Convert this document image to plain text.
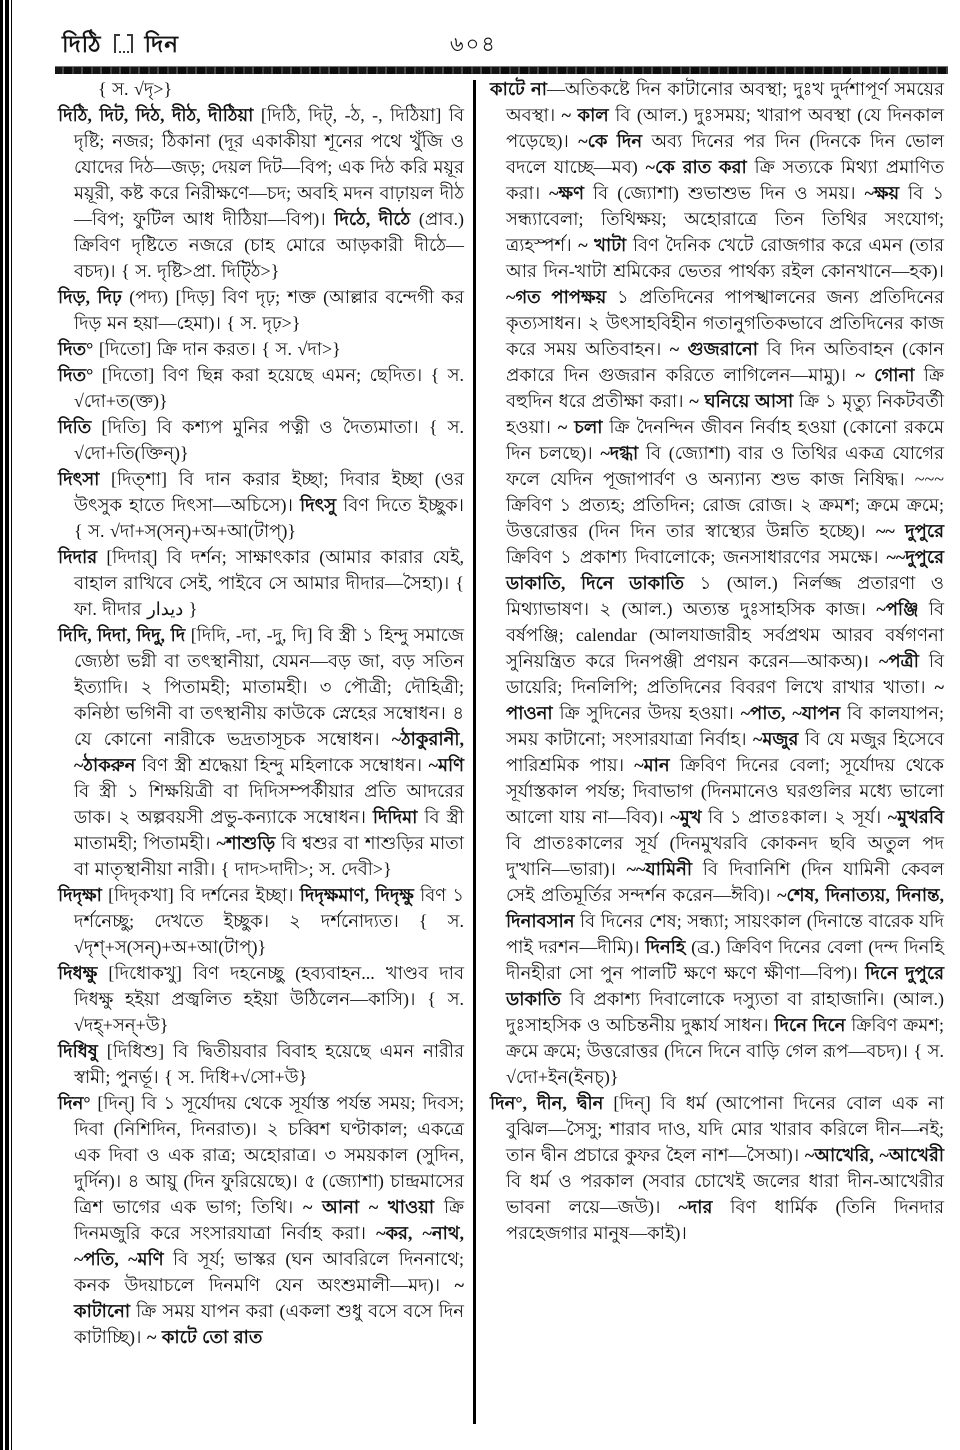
দিঠি দিন	৬০৪

{ স. √দৃ>}

দিঠি, দিট, দিঠ, দীঠ, দীঠিয়া [দিঠি, দিট্, -ঠ, -, দিঠিয়া] বি দৃষ্টি; নজর; ঠিকানা (দূর একাকীয়া শূনের পথে খুঁজি ও যোদের দিঠ—জড়; দেয়ল দিট—বিপ; এক দিঠ করি ময়ূর ময়ূরী, কষ্ট করে নিরীক্ষণে—চদ; অবহি মদন বাঢ়ায়ল দীঠ—বিপ; ফুটিল আধ দীঠিয়া—বিপ)। দিঠে, দীঠে (প্রাব.) ক্রিবিণ দৃষ্টিতে নজরে (চাহ মোরে আড়কারী দীঠে—বচদ)। { স. দৃষ্টি>প্রা. দিট্ঠি>}

দিড়, দিঢ় (পদ্য) [দিড়] বিণ দৃঢ়; শক্ত (আল্লার বন্দেগী কর দিড় মন হয়া—হেমা)। { স. দৃঢ়>}

দিত° [দিতো] ক্রি দান করত। { স. √দা>}

দিত° [দিতো] বিণ ছিন্ন করা হয়েছে এমন; ছেদিত। { স. √দো+ত(ক্ত)}

দিতি [দিতি] বি কশ্যপ মুনির পত্নী ও দৈত্যমাতা। { স. √দো+তি(ক্তিন্)}

দিৎসা [দিত্‌শা] বি দান করার ইচ্ছা; দিবার ইচ্ছা (ওর উৎসুক হাতে দিৎসা—অচিসে)। দিৎসু বিণ দিতে ইচ্ছুক। { স. √দা+স(সন্)+অ+আ(টাপ্)}

দিদার [দিদার্] বি দর্শন; সাক্ষাৎকার (আমার কারার যেই, বাহাল রাখিবে সেই, পাইবে সে আমার দীদার—সৈহা)। { ফা. দীদার ديدار }

দিদি, দিদা, দিদু, দি [দিদি, -দা, -দু, দি] বি স্ত্রী ১ হিন্দু সমাজে জ্যেষ্ঠা ভগ্নী বা তৎস্থানীয়া, যেমন—বড় জা, বড় সতিন ইত্যাদি। ২ পিতামহী; মাতামহী। ৩ পৌত্রী; দৌহিত্রী; কনিষ্ঠা ভগিনী বা তৎস্থানীয় কাউকে স্নেহের সম্বোধন। ৪ যে কোনো নারীকে ভদ্রতাসূচক সম্বোধন। ~ঠাকুরানী, ~ঠাকরুন বিণ স্ত্রী শ্রদ্ধেয়া হিন্দু মহিলাকে সম্বোধন। ~মণি বি স্ত্রী ১ শিক্ষয়িত্রী বা দিদিসম্পর্কীয়ার প্রতি আদরের ডাক। ২ অল্পবয়সী প্রভু-কন্যাকে সম্বোধন। দিদিমা বি স্ত্রী মাতামহী; পিতামহী। ~শাশুড়ি বি শ্বশুর বা শাশুড়ির মাতা বা মাতৃস্থানীয়া নারী। { দাদ>দাদী>; স. দেবী>}

দিদৃক্ষা [দিদৃকখা] বি দর্শনের ইচ্ছা। দিদৃক্ষমাণ, দিদৃক্ষু বিণ ১ দর্শনেচ্ছু; দেখতে ইচ্ছুক। ২ দর্শনোদ্যত। { স. √দৃশ্+স(সন্)+অ+আ(টাপ্)}

দিধক্ষু [দিধোকখু] বিণ দহনেচ্ছু (হব্যবাহন... খাণ্ডব দাব দিধক্ষু হইয়া প্রজ্বলিত হইয়া উঠিলেন—কাসি)। { স. √দহ্+সন্+উ}

দিধিষু [দিধিশু] বি দ্বিতীয়বার বিবাহ হয়েছে এমন নারীর স্বামী; পুনর্ভূ। { স. দিধি+√সো+উ}

দিন° [দিন্] বি ১ সূর্যোদয় থেকে সূর্যাস্ত পর্যন্ত সময়; দিবস; দিবা (নিশিদিন, দিনরাত)। ২ চব্বিশ ঘণ্টাকাল; একত্রে এক দিবা ও এক রাত্র; অহোরাত্র। ৩ সময়কাল (সুদিন, দুর্দিন)। ৪ আয়ু (দিন ফুরিয়েছে)। ৫ (জ্যোশা) চান্দ্রমাসের ত্রিশ ভাগের এক ভাগ; তিথি। ~ আনা ~ খাওয়া ক্রি দিনমজুরি করে সংসারযাত্রা নির্বাহ করা। ~কর, ~নাথ, ~পতি, ~মণি বি সূর্য; ভাস্কর (ঘন আবরিলে দিননাথে; কনক উদয়াচলে দিনমণি যেন অংশুমালী—মদ)। ~ কাটানো ক্রি সময় যাপন করা (একলা শুধু বসে বসে দিন কাটাচ্ছি)। ~ কাটে তো রাত

কাটে না—অতিকষ্টে দিন কাটানোর অবস্থা; দুঃখ দুর্দশাপূর্ণ সময়ের অবস্থা। ~ কাল বি (আল.) দুঃসময়; খারাপ অবস্থা (যে দিনকাল পড়েছে)। ~কে দিন অব্য দিনের পর দিন (দিনকে দিন ভোল বদলে যাচ্ছে—মব) ~কে রাত করা ক্রি সত্যকে মিথ্যা প্রমাণিত করা। ~ক্ষণ বি (জ্যোশা) শুভাশুভ দিন ও সময়। ~ক্ষয় বি ১ সন্ধ্যাবেলা; তিথিক্ষয়; অহোরাত্রে তিন তিথির সংযোগ; ত্র্যহস্পর্শ। ~ খাটা বিণ দৈনিক খেটে রোজগার করে এমন (তার আর দিন-খাটা শ্রমিকের ভেতর পার্থক্য রইল কোনখানে—হক)। ~গত পাপক্ষয় ১ প্রতিদিনের পাপস্খালনের জন্য প্রতিদিনের কৃত্যসাধন। ২ উৎসাহবিহীন গতানুগতিকভাবে প্রতিদিনের কাজ করে সময় অতিবাহন। ~ গুজরানো বি দিন অতিবাহন (কোন প্রকারে দিন গুজরান করিতে লাগিলেন—মামু)। ~ গোনা ক্রি বহুদিন ধরে প্রতীক্ষা করা। ~ ঘনিয়ে আসা ক্রি ১ মৃত্যু নিকটবর্তী হওয়া। ~ চলা ক্রি দৈনন্দিন জীবন নির্বাহ হওয়া (কোনো রকমে দিন চলছে)। ~দগ্ধা বি (জ্যোশা) বার ও তিথির একত্র যোগের ফলে যেদিন পূজাপার্বণ ও অন্যান্য শুভ কাজ নিষিদ্ধ। ~~~ ক্রিবিণ ১ প্রত্যহ; প্রতিদিন; রোজ রোজ। ২ ক্রমশ; ক্রমে ক্রমে; উত্তরোত্তর (দিন দিন তার স্বাস্থ্যের উন্নতি হচ্ছে)। ~~ দুপুরে ক্রিবিণ ১ প্রকাশ্য দিবালোকে; জনসাধারণের সমক্ষে। ~~দুপুরে ডাকাতি, দিনে ডাকাতি ১ (আল.) নির্লজ্জ প্রতারণা ও মিথ্যাভাষণ। ২ (আল.) অত্যন্ত দুঃসাহসিক কাজ। ~পঞ্জি বি বর্ষপঞ্জি; calendar (আলযাজারীহ সর্বপ্রথম আরব বর্ষগণনা সুনিয়ন্ত্রিত করে দিনপঞ্জী প্রণয়ন করেন—আকঅ)। ~পত্রী বি ডায়েরি; দিনলিপি; প্রতিদিনের বিবরণ লিখে রাখার খাতা। ~ পাওনা ক্রি সুদিনের উদয় হওয়া। ~পাত, ~যাপন বি কালযাপন; সময় কাটানো; সংসারযাত্রা নির্বাহ। ~মজুর বি যে মজুর হিসেবে পারিশ্রমিক পায়। ~মান ক্রিবিণ দিনের বেলা; সূর্যোদয় থেকে সূর্যাস্তকাল পর্যন্ত; দিবাভাগ (দিনমানেও ঘরগুলির মধ্যে ভালো আলো যায় না—বিব)। ~মুখ বি ১ প্রাতঃকাল। ২ সূর্য। ~মুখরবি বি প্রাতঃকালের সূর্য (দিনমুখরবি কোকনদ ছবি অতুল পদ দু'খানি—ভারা)। ~~যামিনী বি দিবানিশি (দিন যামিনী কেবল সেই প্রতিমূর্তির সন্দর্শন করেন—ঈবি)। ~শেষ, দিনাত্যয়, দিনান্ত, দিনাবসান বি দিনের শেষ; সন্ধ্যা; সায়ংকাল (দিনান্তে বারেক যদি পাই দরশন—দীমি)। দিনহি (ব্র.) ক্রিবিণ দিনের বেলা (দন্দ দিনহি দীনহীরা সো পুন পালটি ক্ষণে ক্ষণে ক্ষীণা—বিপ)। দিনে দুপুরে ডাকাতি বি প্রকাশ্য দিবালোকে দস্যুতা বা রাহাজানি। (আল.) দুঃসাহসিক ও অচিন্তনীয় দুষ্কার্য সাধন। দিনে দিনে ক্রিবিণ ক্রমশ; ক্রমে ক্রমে; উত্তরোত্তর (দিনে দিনে বাড়ি গেল রূপ—বচদ)। { স. √দো+ইন(ইনচ্)}

দিন°, দীন, দ্বীন [দিন্] বি ধর্ম (আপোনা দিনের বোল এক না বুঝিল—সৈসু; শারাব দাও, যদি মোর খারাব করিলে দীন—নই; তান দ্বীন প্রচারে কুফর হৈল নাশ—সৈআ)। ~আখেরি, ~আখেরী বি ধর্ম ও পরকাল (সবার চোখেই জলের ধারা দীন-আখেরীর ভাবনা লয়ে—জউ)। ~দার বিণ ধার্মিক (তিনি দিনদার পরহেজগার মানুষ—কাই)।
